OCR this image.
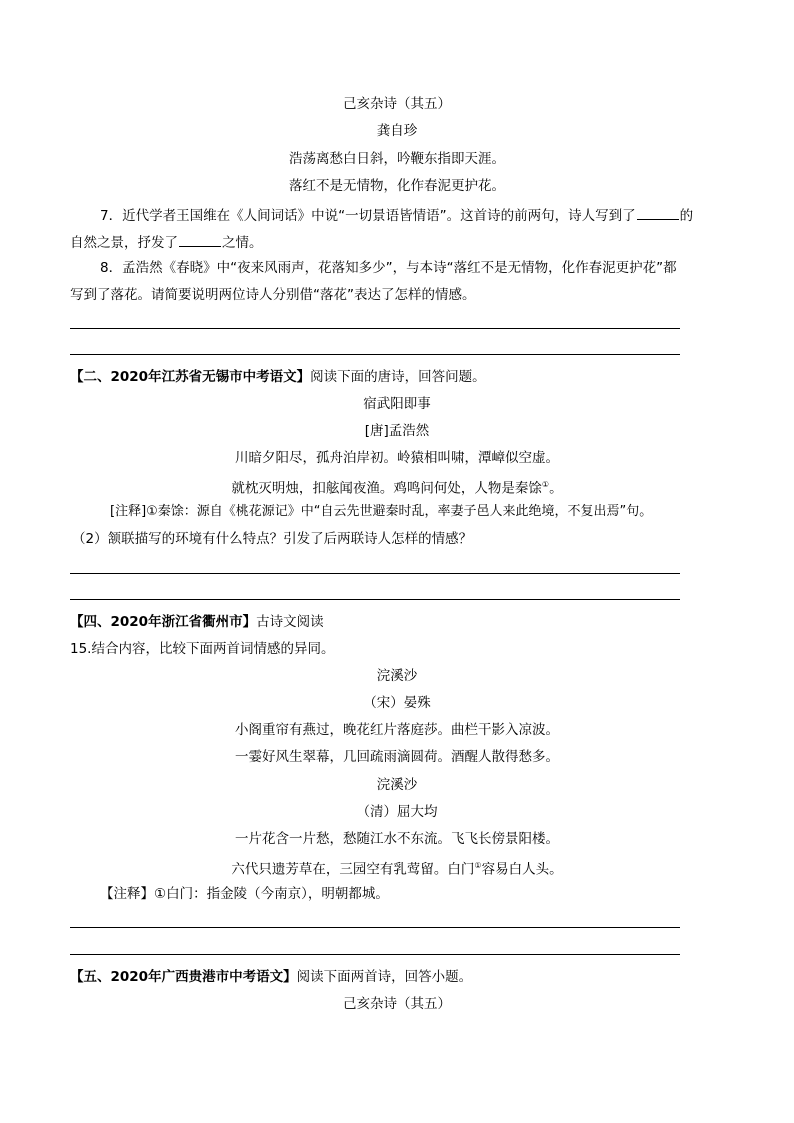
己亥杂诗（其五）
龚自珍
浩荡离愁白日斜，吟鞭东指即天涯。
落红不是无情物，化作春泥更护花。
7．近代学者王国维在《人间词话》中说“一切景语皆情语”。这首诗的前两句，诗人写到了	的
自然之景，抒发了	之情。
8．孟浩然《春晓》中“夜来风雨声，花落知多少”，与本诗“落红不是无情物，化作春泥更护花”都
写到了落花。请简要说明两位诗人分别借“落花”表达了怎样的情感。
【二、2020年江苏省无锡市中考语文】阅读下面的唐诗，回答问题。
宿武阳即事
[唐]孟浩然
川暗夕阳尽，孤舟泊岸初。岭猿相叫啸，潭嶂似空虚。
就枕灭明烛，扣舷闻夜渔。鸡鸣问何处，人物是秦馀①。
[注释]①秦馀：源自《桃花源记》中“自云先世避秦时乱，率妻子邑人来此绝境，不复出焉”句。
（2）颔联描写的环境有什么特点？引发了后两联诗人怎样的情感？
【四、2020年浙江省衢州市】古诗文阅读
15.结合内容，比较下面两首词情感的异同。
浣溪沙
（宋）晏殊
小阁重帘有燕过，晚花红片落庭莎。曲栏干影入凉波。
一霎好风生翠幕，几回疏雨滴圆荷。酒醒人散得愁多。
浣溪沙
（清）屈大均
一片花含一片愁，愁随江水不东流。飞飞长傍景阳楼。
六代只遗芳草在，三园空有乳莺留。白门①容易白人头。
【注释】①白门：指金陵（今南京），明朝都城。
【五、2020年广西贵港市中考语文】阅读下面两首诗，回答小题。
己亥杂诗（其五）
